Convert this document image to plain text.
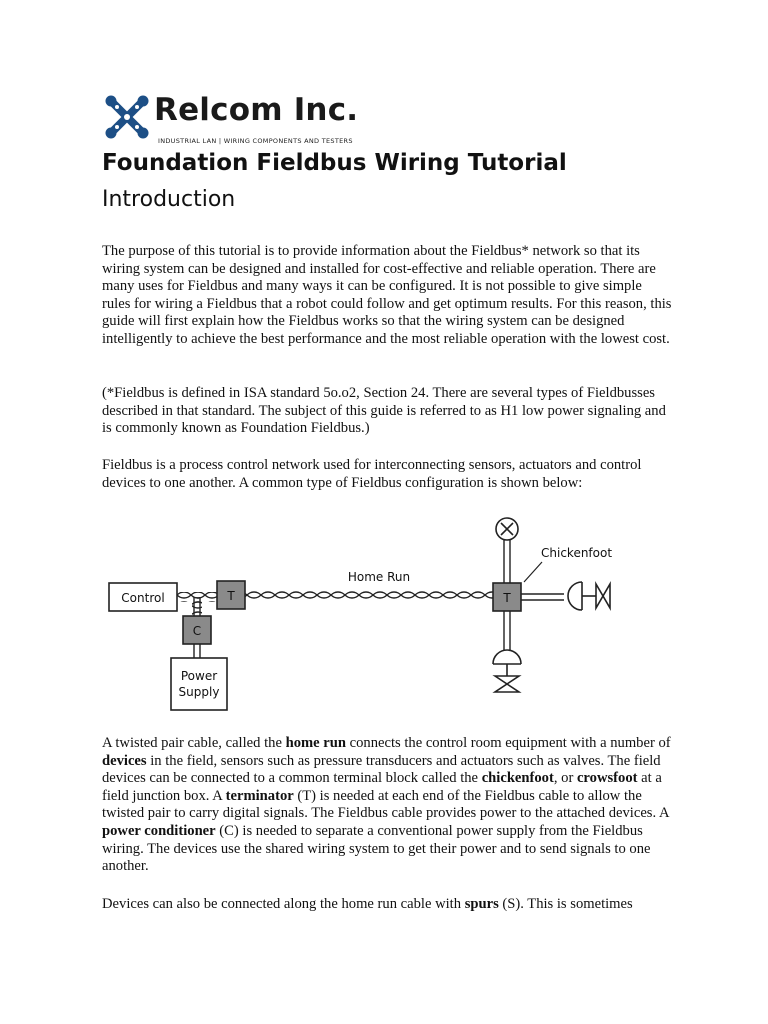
Relcom Inc.
INDUSTRIAL LAN | WIRING COMPONENTS AND TESTERS
Foundation Fieldbus Wiring Tutorial
Introduction

The purpose of this tutorial is to provide information about the Fieldbus* network so that its wiring system can be designed and installed for cost-effective and reliable operation. There are many uses for Fieldbus and many ways it can be configured. It is not possible to give simple rules for wiring a Fieldbus that a robot could follow and get optimum results. For this reason, this guide will first explain how the Fieldbus works so that the wiring system can be designed intelligently to achieve the best performance and the most reliable operation with the lowest cost.

(*Fieldbus is defined in ISA standard 5o.o2, Section 24. There are several types of Fieldbusses described in that standard. The subject of this guide is referred to as H1 low power signaling and is commonly known as Foundation Fieldbus.)

Fieldbus is a process control network used for interconnecting sensors, actuators and control devices to one another. A common type of Fieldbus configuration is shown below:

Control	T
C
Power
Supply
Home Run
T
Chickenfoot

A twisted pair cable, called the home run connects the control room equipment with a number of devices in the field, sensors such as pressure transducers and actuators such as valves. The field devices can be connected to a common terminal block called the chickenfoot, or crowsfoot at a field junction box. A terminator (T) is needed at each end of the Fieldbus cable to allow the twisted pair to carry digital signals. The Fieldbus cable provides power to the attached devices. A power conditioner (C) is needed to separate a conventional power supply from the Fieldbus wiring. The devices use the shared wiring system to get their power and to send signals to one another.

Devices can also be connected along the home run cable with spurs (S). This is sometimes
